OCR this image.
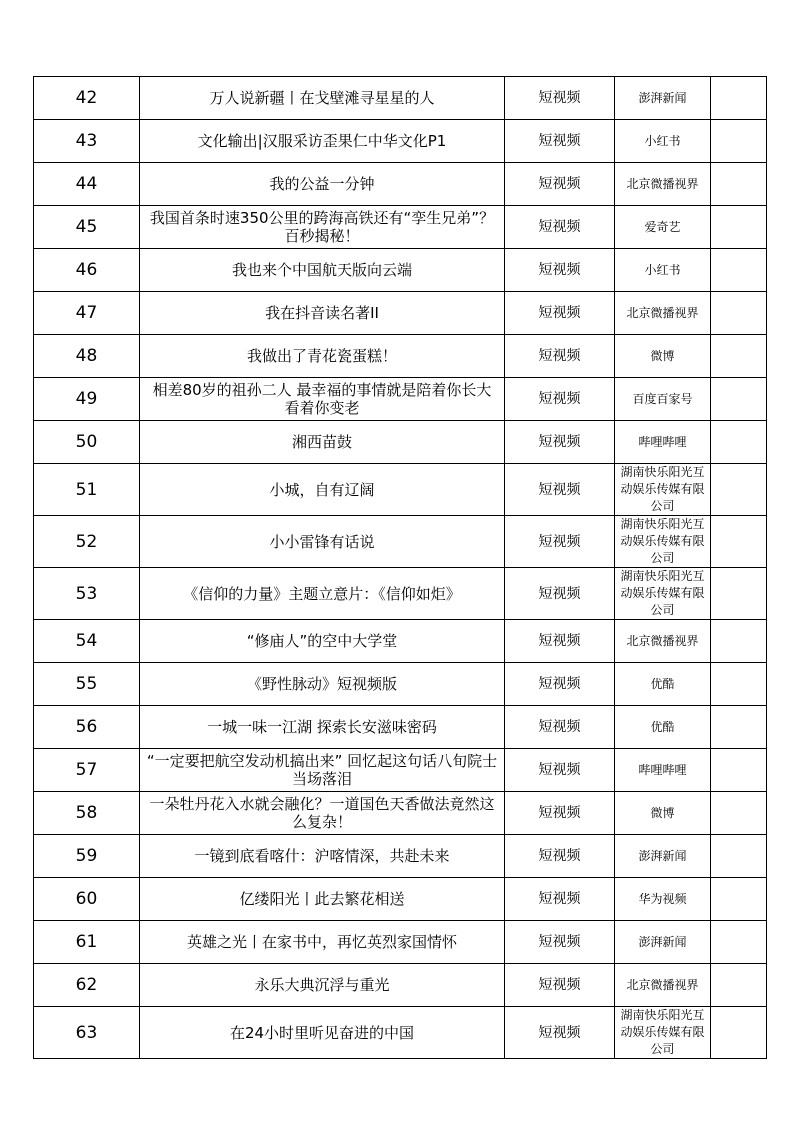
42	万人说新疆丨在戈壁滩寻星星的人	短视频	澎湃新闻	
43	文化输出|汉服采访歪果仁中华文化P1	短视频	小红书	
44	我的公益一分钟	短视频	北京微播视界	
45	我国首条时速350公里的跨海高铁还有“孪生兄弟”？百秒揭秘！	短视频	爱奇艺	
46	我也来个中国航天版向云端	短视频	小红书	
47	我在抖音读名著II	短视频	北京微播视界	
48	我做出了青花瓷蛋糕！	短视频	微博	
49	相差80岁的祖孙二人 最幸福的事情就是陪着你长大 看着你变老	短视频	百度百家号	
50	湘西苗鼓	短视频	哔哩哔哩	
51	小城，自有辽阔	短视频	湖南快乐阳光互动娱乐传媒有限公司	
52	小小雷锋有话说	短视频	湖南快乐阳光互动娱乐传媒有限公司	
53	《信仰的力量》主题立意片：《信仰如炬》	短视频	湖南快乐阳光互动娱乐传媒有限公司	
54	“修庙人”的空中大学堂	短视频	北京微播视界	
55	《野性脉动》短视频版	短视频	优酷	
56	一城一味一江湖 探索长安滋味密码	短视频	优酷	
57	“一定要把航空发动机搞出来” 回忆起这句话八旬院士当场落泪	短视频	哔哩哔哩	
58	一朵牡丹花入水就会融化？一道国色天香做法竟然这么复杂！	短视频	微博	
59	一镜到底看喀什：沪喀情深，共赴未来	短视频	澎湃新闻	
60	亿缕阳光丨此去繁花相送	短视频	华为视频	
61	英雄之光丨在家书中，再忆英烈家国情怀	短视频	澎湃新闻	
62	永乐大典沉浮与重光	短视频	北京微播视界	
63	在24小时里听见奋进的中国	短视频	湖南快乐阳光互动娱乐传媒有限公司	
